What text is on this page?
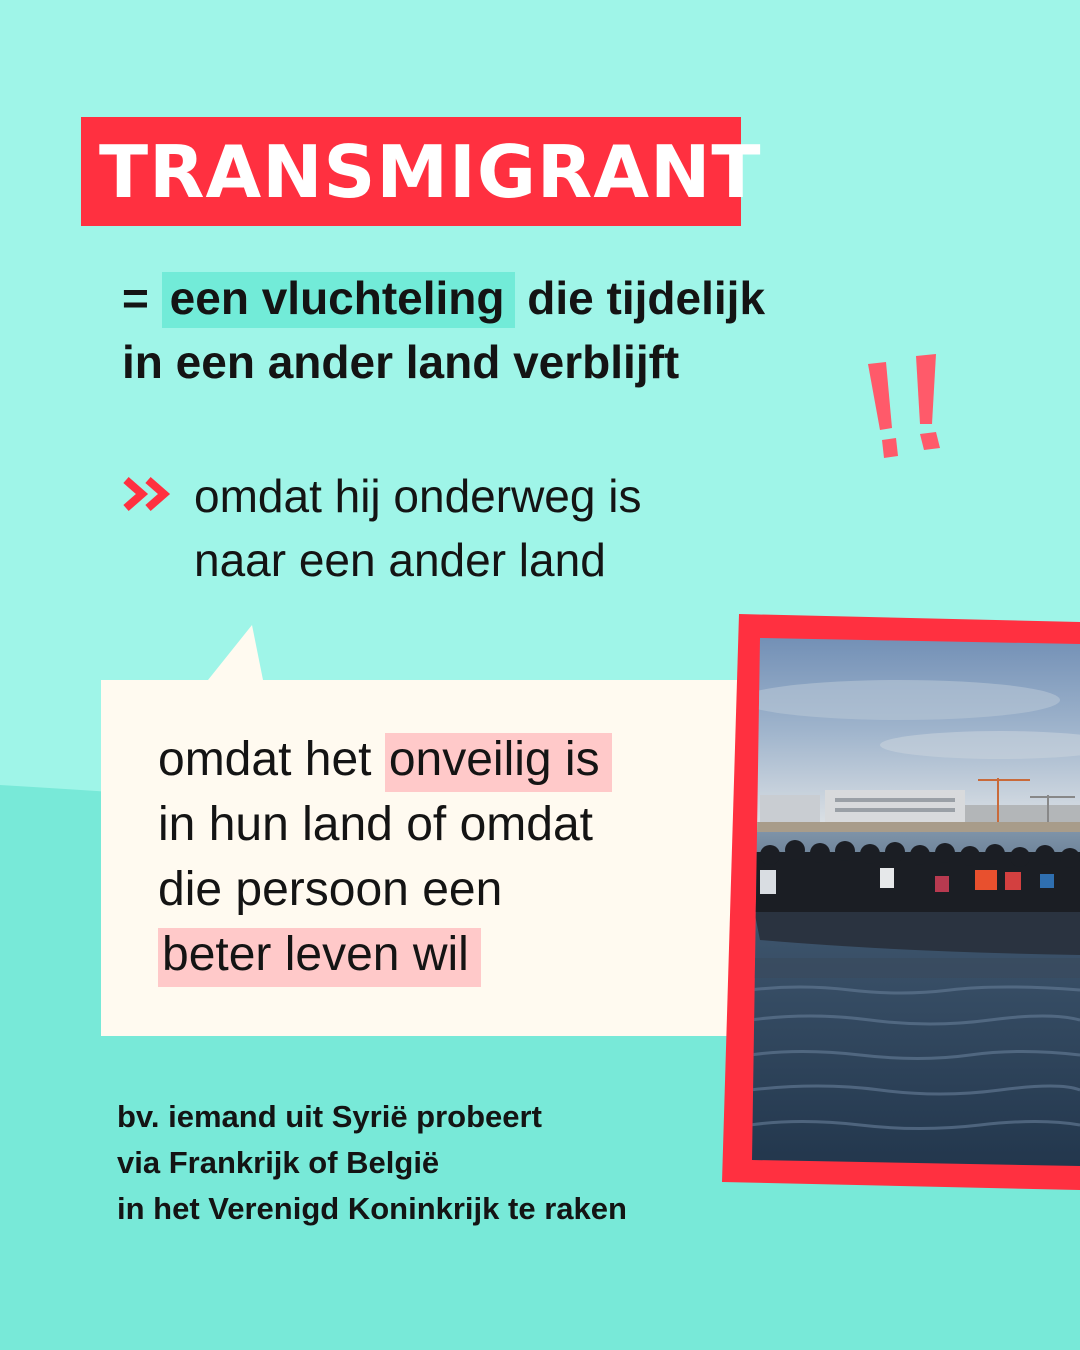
TRANSMIGRANT
= een vluchteling die tijdelijk
in een ander land verblijft
omdat hij onderweg is
naar een ander land
omdat het onveilig is
in hun land of omdat
die persoon een
beter leven wil
bv. iemand uit Syrië probeert
via Frankrijk of België
in het Verenigd Koninkrijk te raken
